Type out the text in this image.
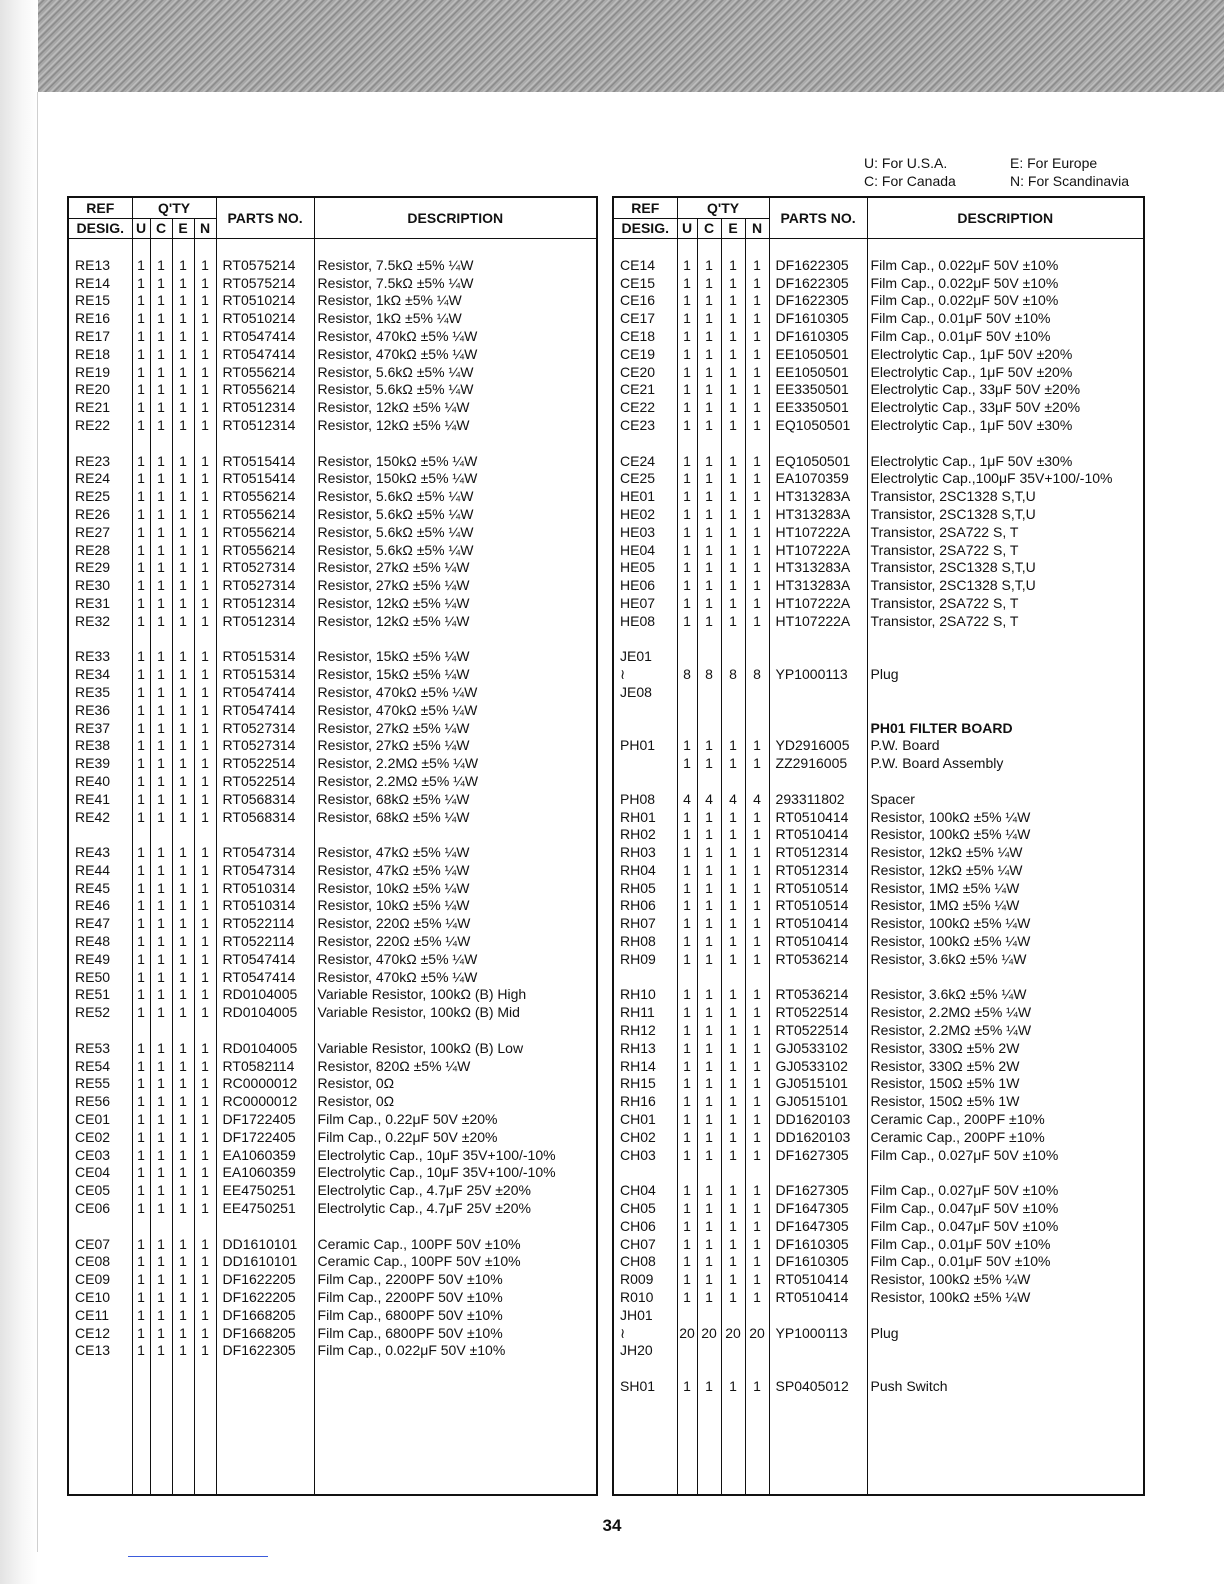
U: For U.S.A.	E: For Europe
C: For Canada	N: For Scandinavia
REF	Q'TY				PARTS NO.	DESCRIPTION
DESIG.	U	C	E	N		

RE13	1	1	1	1	RT0575214	Resistor, 7.5kΩ ±5% ¼W
RE14	1	1	1	1	RT0575214	Resistor, 7.5kΩ ±5% ¼W
RE15	1	1	1	1	RT0510214	Resistor, 1kΩ ±5% ¼W
RE16	1	1	1	1	RT0510214	Resistor, 1kΩ ±5% ¼W
RE17	1	1	1	1	RT0547414	Resistor, 470kΩ ±5% ¼W
RE18	1	1	1	1	RT0547414	Resistor, 470kΩ ±5% ¼W
RE19	1	1	1	1	RT0556214	Resistor, 5.6kΩ ±5% ¼W
RE20	1	1	1	1	RT0556214	Resistor, 5.6kΩ ±5% ¼W
RE21	1	1	1	1	RT0512314	Resistor, 12kΩ ±5% ¼W
RE22	1	1	1	1	RT0512314	Resistor, 12kΩ ±5% ¼W

RE23	1	1	1	1	RT0515414	Resistor, 150kΩ ±5% ¼W
RE24	1	1	1	1	RT0515414	Resistor, 150kΩ ±5% ¼W
RE25	1	1	1	1	RT0556214	Resistor, 5.6kΩ ±5% ¼W
RE26	1	1	1	1	RT0556214	Resistor, 5.6kΩ ±5% ¼W
RE27	1	1	1	1	RT0556214	Resistor, 5.6kΩ ±5% ¼W
RE28	1	1	1	1	RT0556214	Resistor, 5.6kΩ ±5% ¼W
RE29	1	1	1	1	RT0527314	Resistor, 27kΩ ±5% ¼W
RE30	1	1	1	1	RT0527314	Resistor, 27kΩ ±5% ¼W
RE31	1	1	1	1	RT0512314	Resistor, 12kΩ ±5% ¼W
RE32	1	1	1	1	RT0512314	Resistor, 12kΩ ±5% ¼W

RE33	1	1	1	1	RT0515314	Resistor, 15kΩ ±5% ¼W
RE34	1	1	1	1	RT0515314	Resistor, 15kΩ ±5% ¼W
RE35	1	1	1	1	RT0547414	Resistor, 470kΩ ±5% ¼W
RE36	1	1	1	1	RT0547414	Resistor, 470kΩ ±5% ¼W
RE37	1	1	1	1	RT0527314	Resistor, 27kΩ ±5% ¼W
RE38	1	1	1	1	RT0527314	Resistor, 27kΩ ±5% ¼W
RE39	1	1	1	1	RT0522514	Resistor, 2.2MΩ ±5% ¼W
RE40	1	1	1	1	RT0522514	Resistor, 2.2MΩ ±5% ¼W
RE41	1	1	1	1	RT0568314	Resistor, 68kΩ ±5% ¼W
RE42	1	1	1	1	RT0568314	Resistor, 68kΩ ±5% ¼W

RE43	1	1	1	1	RT0547314	Resistor, 47kΩ ±5% ¼W
RE44	1	1	1	1	RT0547314	Resistor, 47kΩ ±5% ¼W
RE45	1	1	1	1	RT0510314	Resistor, 10kΩ ±5% ¼W
RE46	1	1	1	1	RT0510314	Resistor, 10kΩ ±5% ¼W
RE47	1	1	1	1	RT0522114	Resistor, 220Ω ±5% ¼W
RE48	1	1	1	1	RT0522114	Resistor, 220Ω ±5% ¼W
RE49	1	1	1	1	RT0547414	Resistor, 470kΩ ±5% ¼W
RE50	1	1	1	1	RT0547414	Resistor, 470kΩ ±5% ¼W
RE51	1	1	1	1	RD0104005	Variable Resistor, 100kΩ (B) High
RE52	1	1	1	1	RD0104005	Variable Resistor, 100kΩ (B) Mid

RE53	1	1	1	1	RD0104005	Variable Resistor, 100kΩ (B) Low
RE54	1	1	1	1	RT0582114	Resistor, 820Ω ±5% ¼W
RE55	1	1	1	1	RC0000012	Resistor, 0Ω
RE56	1	1	1	1	RC0000012	Resistor, 0Ω
CE01	1	1	1	1	DF1722405	Film Cap., 0.22μF 50V ±20%
CE02	1	1	1	1	DF1722405	Film Cap., 0.22μF 50V ±20%
CE03	1	1	1	1	EA1060359	Electrolytic Cap., 10μF 35V+100/-10%
CE04	1	1	1	1	EA1060359	Electrolytic Cap., 10μF 35V+100/-10%
CE05	1	1	1	1	EE4750251	Electrolytic Cap., 4.7μF 25V ±20%
CE06	1	1	1	1	EE4750251	Electrolytic Cap., 4.7μF 25V ±20%

CE07	1	1	1	1	DD1610101	Ceramic Cap., 100PF 50V ±10%
CE08	1	1	1	1	DD1610101	Ceramic Cap., 100PF 50V ±10%
CE09	1	1	1	1	DF1622205	Film Cap., 2200PF 50V ±10%
CE10	1	1	1	1	DF1622205	Film Cap., 2200PF 50V ±10%
CE11	1	1	1	1	DF1668205	Film Cap., 6800PF 50V ±10%
CE12	1	1	1	1	DF1668205	Film Cap., 6800PF 50V ±10%
CE13	1	1	1	1	DF1622305	Film Cap., 0.022μF 50V ±10%

REF	Q'TY				PARTS NO.	DESCRIPTION
DESIG.	U	C	E	N		

CE14	1	1	1	1	DF1622305	Film Cap., 0.022μF 50V ±10%
CE15	1	1	1	1	DF1622305	Film Cap., 0.022μF 50V ±10%
CE16	1	1	1	1	DF1622305	Film Cap., 0.022μF 50V ±10%
CE17	1	1	1	1	DF1610305	Film Cap., 0.01μF 50V ±10%
CE18	1	1	1	1	DF1610305	Film Cap., 0.01μF 50V ±10%
CE19	1	1	1	1	EE1050501	Electrolytic Cap., 1μF 50V ±20%
CE20	1	1	1	1	EE1050501	Electrolytic Cap., 1μF 50V ±20%
CE21	1	1	1	1	EE3350501	Electrolytic Cap., 33μF 50V ±20%
CE22	1	1	1	1	EE3350501	Electrolytic Cap., 33μF 50V ±20%
CE23	1	1	1	1	EQ1050501	Electrolytic Cap., 1μF 50V ±30%

CE24	1	1	1	1	EQ1050501	Electrolytic Cap., 1μF 50V ±30%
CE25	1	1	1	1	EA1070359	Electrolytic Cap.,100μF 35V+100/-10%
HE01	1	1	1	1	HT313283A	Transistor, 2SC1328 S,T,U
HE02	1	1	1	1	HT313283A	Transistor, 2SC1328 S,T,U
HE03	1	1	1	1	HT107222A	Transistor, 2SA722 S, T
HE04	1	1	1	1	HT107222A	Transistor, 2SA722 S, T
HE05	1	1	1	1	HT313283A	Transistor, 2SC1328 S,T,U
HE06	1	1	1	1	HT313283A	Transistor, 2SC1328 S,T,U
HE07	1	1	1	1	HT107222A	Transistor, 2SA722 S, T
HE08	1	1	1	1	HT107222A	Transistor, 2SA722 S, T

JE01						
≀	8	8	8	8	YP1000113	Plug
JE08						

						PH01 FILTER BOARD
PH01	1	1	1	1	YD2916005	P.W. Board
	1	1	1	1	ZZ2916005	P.W. Board Assembly

PH08	4	4	4	4	293311802	Spacer
RH01	1	1	1	1	RT0510414	Resistor, 100kΩ ±5% ¼W
RH02	1	1	1	1	RT0510414	Resistor, 100kΩ ±5% ¼W
RH03	1	1	1	1	RT0512314	Resistor, 12kΩ ±5% ¼W
RH04	1	1	1	1	RT0512314	Resistor, 12kΩ ±5% ¼W
RH05	1	1	1	1	RT0510514	Resistor, 1MΩ ±5% ¼W
RH06	1	1	1	1	RT0510514	Resistor, 1MΩ ±5% ¼W
RH07	1	1	1	1	RT0510414	Resistor, 100kΩ ±5% ¼W
RH08	1	1	1	1	RT0510414	Resistor, 100kΩ ±5% ¼W
RH09	1	1	1	1	RT0536214	Resistor, 3.6kΩ ±5% ¼W

RH10	1	1	1	1	RT0536214	Resistor, 3.6kΩ ±5% ¼W
RH11	1	1	1	1	RT0522514	Resistor, 2.2MΩ ±5% ¼W
RH12	1	1	1	1	RT0522514	Resistor, 2.2MΩ ±5% ¼W
RH13	1	1	1	1	GJ0533102	Resistor, 330Ω ±5% 2W
RH14	1	1	1	1	GJ0533102	Resistor, 330Ω ±5% 2W
RH15	1	1	1	1	GJ0515101	Resistor, 150Ω ±5% 1W
RH16	1	1	1	1	GJ0515101	Resistor, 150Ω ±5% 1W
CH01	1	1	1	1	DD1620103	Ceramic Cap., 200PF ±10%
CH02	1	1	1	1	DD1620103	Ceramic Cap., 200PF ±10%
CH03	1	1	1	1	DF1627305	Film Cap., 0.027μF 50V ±10%

CH04	1	1	1	1	DF1627305	Film Cap., 0.027μF 50V ±10%
CH05	1	1	1	1	DF1647305	Film Cap., 0.047μF 50V ±10%
CH06	1	1	1	1	DF1647305	Film Cap., 0.047μF 50V ±10%
CH07	1	1	1	1	DF1610305	Film Cap., 0.01μF 50V ±10%
CH08	1	1	1	1	DF1610305	Film Cap., 0.01μF 50V ±10%
R009	1	1	1	1	RT0510414	Resistor, 100kΩ ±5% ¼W
R010	1	1	1	1	RT0510414	Resistor, 100kΩ ±5% ¼W
JH01						
≀	20	20	20	20	YP1000113	Plug
JH20						

SH01	1	1	1	1	SP0405012	Push Switch

34
